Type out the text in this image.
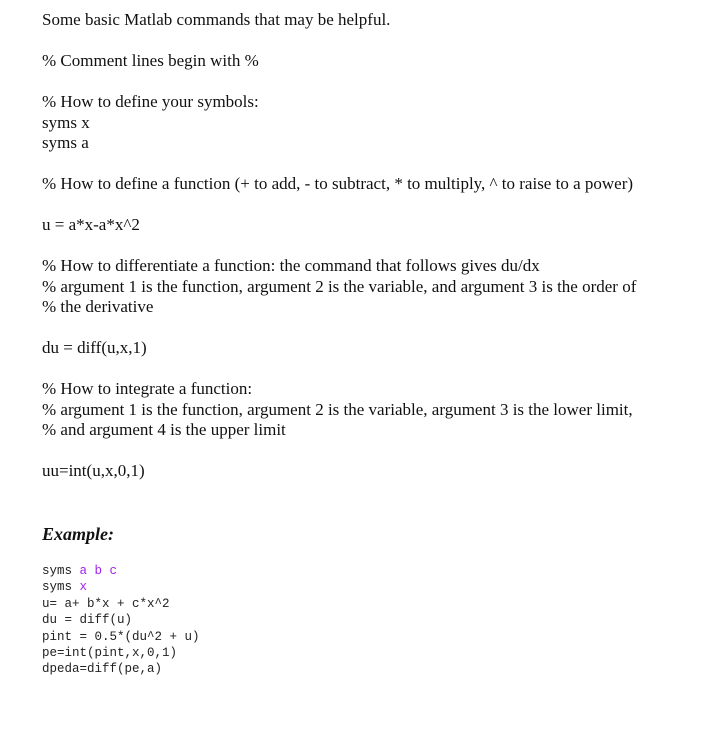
Some basic Matlab commands that may be helpful.

% Comment lines begin with %

% How to define your symbols:

syms x

syms a

% How to define a function (+ to add, - to subtract, * to multiply, ^ to raise to a power)

u = a*x-a*x^2

% How to differentiate a function: the command that follows gives du/dx

% argument 1 is the function, argument 2 is the variable, and argument 3 is the order of

% the derivative

du = diff(u,x,1)

% How to integrate a function:

% argument 1 is the function, argument 2 is the variable, argument 3 is the lower limit,

% and argument 4 is the upper limit

uu=int(u,x,0,1)

Example:

syms a b c
syms x
u= a+ b*x + c*x^2
du = diff(u)
pint = 0.5*(du^2 + u)
pe=int(pint,x,0,1)
dpeda=diff(pe,a)
